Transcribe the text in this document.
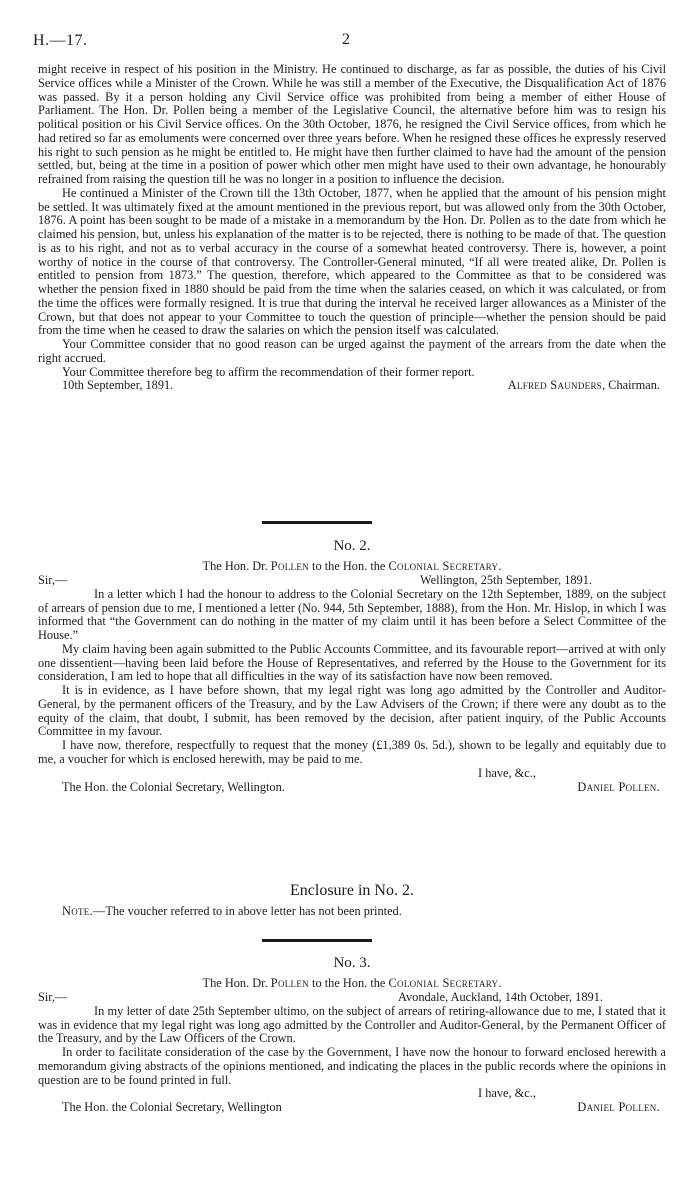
H.—17.	2

might receive in respect of his position in the Ministry. He continued to discharge, as far as possible, the duties of his Civil Service offices while a Minister of the Crown. While he was still a member of the Executive, the Disqualification Act of 1876 was passed. By it a person holding any Civil Service office was prohibited from being a member of either House of Parliament. The Hon. Dr. Pollen being a member of the Legislative Council, the alternative before him was to resign his political position or his Civil Service offices. On the 30th October, 1876, he resigned the Civil Service offices, from which he had retired so far as emoluments were concerned over three years before. When he resigned these offices he expressly reserved his right to such pension as he might be entitled to. He might have then further claimed to have had the amount of the pension settled, but, being at the time in a position of power which other men might have used to their own advantage, he honourably refrained from raising the question till he was no longer in a position to influence the decision.

He continued a Minister of the Crown till the 13th October, 1877, when he applied that the amount of his pension might be settled. It was ultimately fixed at the amount mentioned in the previous report, but was allowed only from the 30th October, 1876. A point has been sought to be made of a mistake in a memorandum by the Hon. Dr. Pollen as to the date from which he claimed his pension, but, unless his explanation of the matter is to be rejected, there is nothing to be made of that. The question is as to his right, and not as to verbal accuracy in the course of a somewhat heated controversy. There is, however, a point worthy of notice in the course of that controversy. The Controller-General minuted, “If all were treated alike, Dr. Pollen is entitled to pension from 1873.” The question, therefore, which appeared to the Committee as that to be considered was whether the pension fixed in 1880 should be paid from the time when the salaries ceased, on which it was calculated, or from the time the offices were formally resigned. It is true that during the interval he received larger allowances as a Minister of the Crown, but that does not appear to your Committee to touch the question of principle—whether the pension should be paid from the time when he ceased to draw the salaries on which the pension itself was calculated.

Your Committee consider that no good reason can be urged against the payment of the arrears from the date when the right accrued.

Your Committee therefore beg to affirm the recommendation of their former report.

10th September, 1891.	Alfred Saunders, Chairman.
No. 2.
The Hon. Dr. Pollen to the Hon. the Colonial Secretary.
Sir,—	Wellington, 25th September, 1891.

In a letter which I had the honour to address to the Colonial Secretary on the 12th September, 1889, on the subject of arrears of pension due to me, I mentioned a letter (No. 944, 5th September, 1888), from the Hon. Mr. Hislop, in which I was informed that “the Government can do nothing in the matter of my claim until it has been before a Select Committee of the House.”

My claim having been again submitted to the Public Accounts Committee, and its favourable report—arrived at with only one dissentient—having been laid before the House of Representatives, and referred by the House to the Government for its consideration, I am led to hope that all difficulties in the way of its satisfaction have now been removed.

It is in evidence, as I have before shown, that my legal right was long ago admitted by the Controller and Auditor-General, by the permanent officers of the Treasury, and by the Law Advisers of the Crown; if there were any doubt as to the equity of the claim, that doubt, I submit, has been removed by the decision, after patient inquiry, of the Public Accounts Committee in my favour.

I have now, therefore, respectfully to request that the money (£1,389 0s. 5d.), shown to be legally and equitably due to me, a voucher for which is enclosed herewith, may be paid to me.

I have, &c.,
The Hon. the Colonial Secretary, Wellington.	Daniel Pollen.
Enclosure in No. 2.

Note.—The voucher referred to in above letter has not been printed.

No. 3.
The Hon. Dr. Pollen to the Hon. the Colonial Secretary.
Sir,—	Avondale, Auckland, 14th October, 1891.

In my letter of date 25th September ultimo, on the subject of arrears of retiring-allowance due to me, I stated that it was in evidence that my legal right was long ago admitted by the Controller and Auditor-General, by the Permanent Officer of the Treasury, and by the Law Officers of the Crown.

In order to facilitate consideration of the case by the Government, I have now the honour to forward enclosed herewith a memorandum giving abstracts of the opinions mentioned, and indicating the places in the public records where the opinions in question are to be found printed in full.

I have, &c.,
The Hon. the Colonial Secretary, Wellington	Daniel Pollen.
